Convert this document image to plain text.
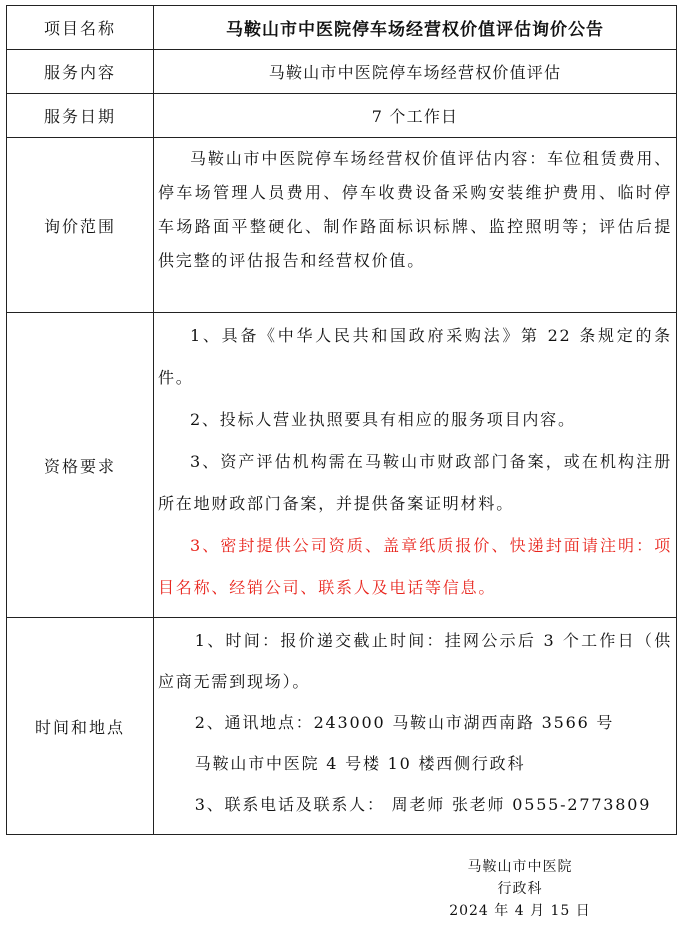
项目名称	马鞍山市中医院停车场经营权价值评估询价公告
服务内容	马鞍山市中医院停车场经营权价值评估
服务日期	7 个工作日
询价范围	马鞍山市中医院停车场经营权价值评估内容：车位租赁费用、停车场管理人员费用、停车收费设备采购安装维护费用、临时停车场路面平整硬化、制作路面标识标牌、监控照明等；评估后提供完整的评估报告和经营权价值。

资格要求	1、具备《中华人民共和国政府采购法》第 22 条规定的条件。
2、投标人营业执照要具有相应的服务项目内容。
3、资产评估机构需在马鞍山市财政部门备案，或在机构注册所在地财政部门备案，并提供备案证明材料。
3、密封提供公司资质、盖章纸质报价、快递封面请注明：项目名称、经销公司、联系人及电话等信息。

时间和地点	1、时间：报价递交截止时间：挂网公示后 3 个工作日（供应商无需到现场）。
2、通讯地点：243000 马鞍山市湖西南路 3566 号
马鞍山市中医院 4 号楼 10 楼西侧行政科
3、联系电话及联系人： 周老师 张老师 0555-2773809
马鞍山市中医院
行政科
2024 年 4 月 15 日
